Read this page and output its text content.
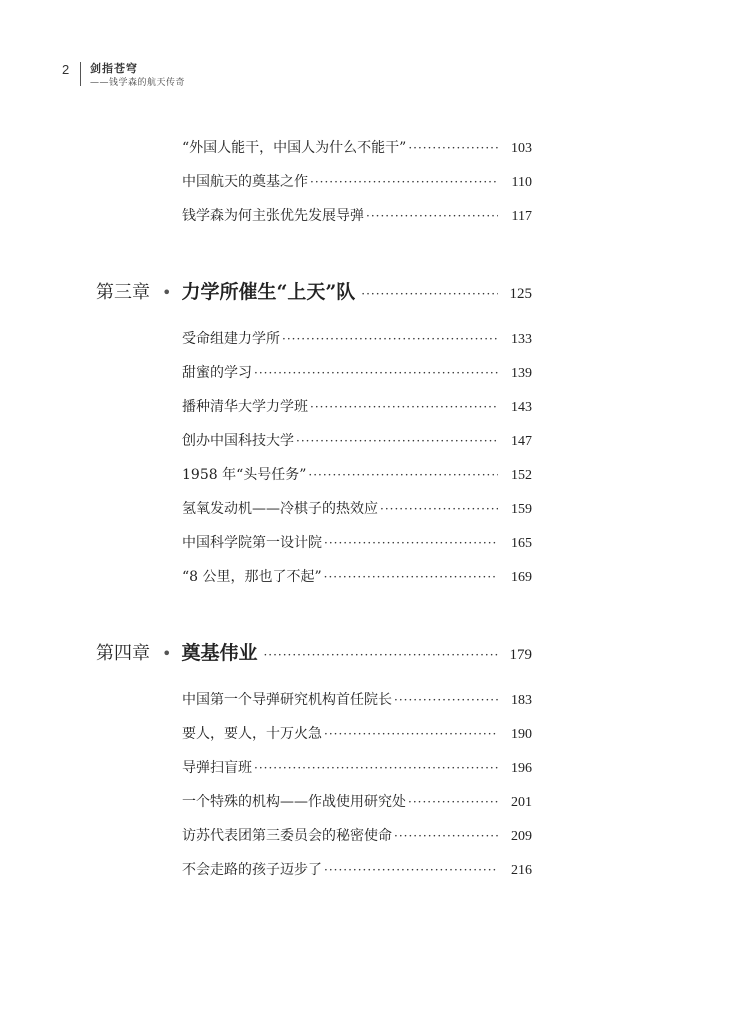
2 剑指苍穹
——钱学森的航天传奇
“外国人能干，中国人为什么不能干” ·····	103
中国航天的奠基之作 ·····	110
钱学森为何主张优先发展导弹 ·····	117
第三章 • 力学所催生“上天”队 ·····	125
受命组建力学所 ·····	133
甜蜜的学习 ·····	139
播种清华大学力学班 ·····	143
创办中国科技大学 ·····	147
1958 年“头号任务” ·····	152
氢氧发动机——冷棋子的热效应 ·····	159
中国科学院第一设计院 ·····	165
“8 公里，那也了不起” ·····	169
第四章 • 奠基伟业 ·····	179
中国第一个导弹研究机构首任院长 ·····	183
要人，要人，十万火急 ·····	190
导弹扫盲班 ·····	196
一个特殊的机构——作战使用研究处 ·····	201
访苏代表团第三委员会的秘密使命 ·····	209
不会走路的孩子迈步了 ·····	216
